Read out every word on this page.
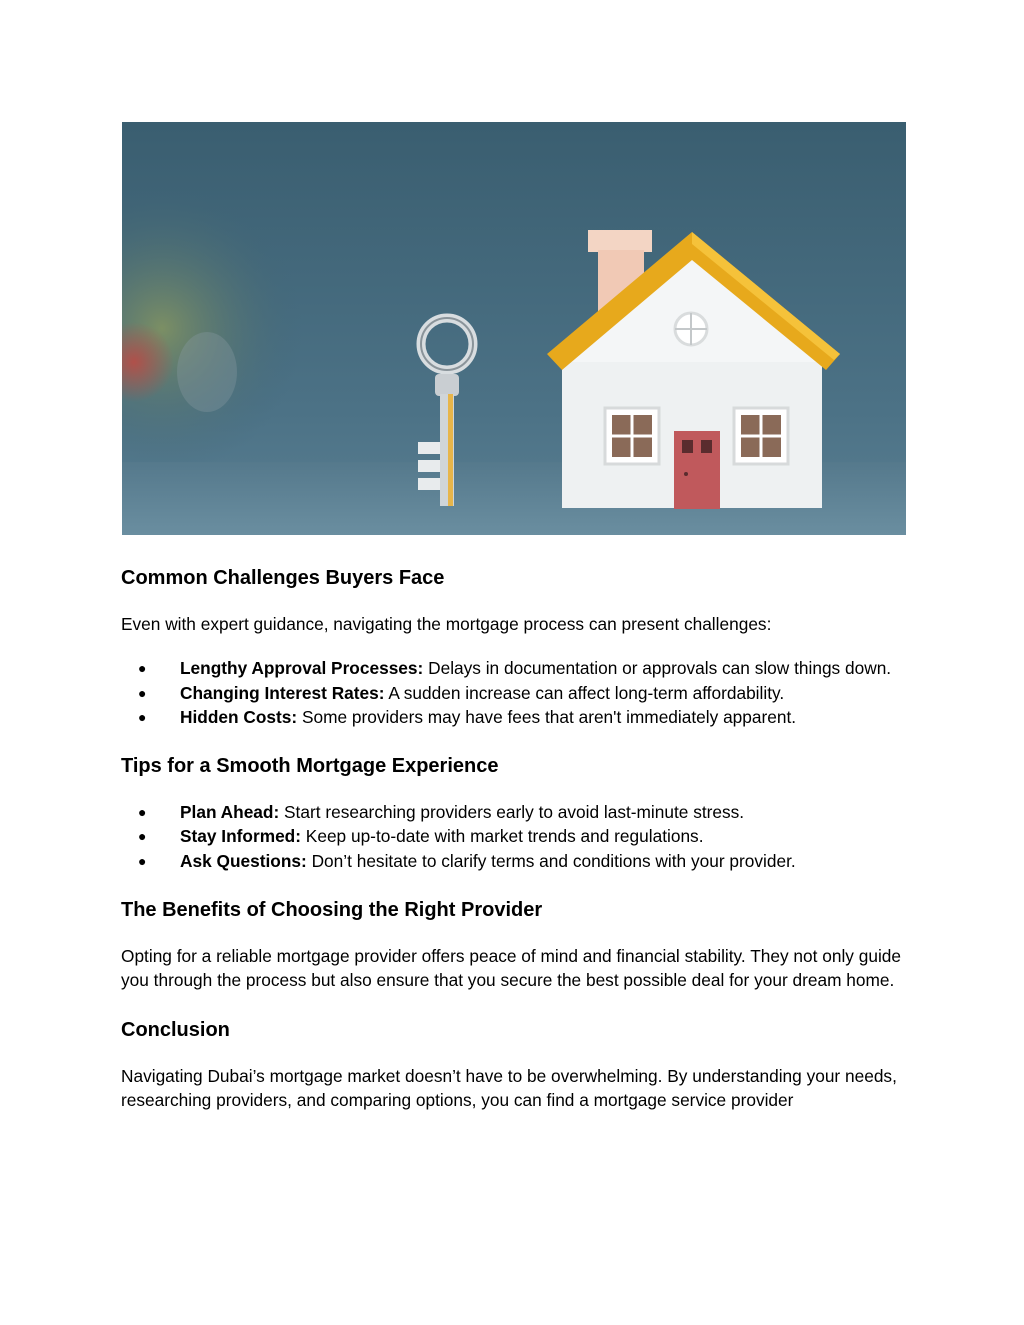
Common Challenges Buyers Face

Even with expert guidance, navigating the mortgage process can present challenges:

● Lengthy Approval Processes: Delays in documentation or approvals can slow things down.
● Changing Interest Rates: A sudden increase can affect long-term affordability.
● Hidden Costs: Some providers may have fees that aren't immediately apparent.
Tips for a Smooth Mortgage Experience
● Plan Ahead: Start researching providers early to avoid last-minute stress.
● Stay Informed: Keep up-to-date with market trends and regulations.
● Ask Questions: Don’t hesitate to clarify terms and conditions with your provider.
The Benefits of Choosing the Right Provider

Opting for a reliable mortgage provider offers peace of mind and financial stability. They not only guide you through the process but also ensure that you secure the best possible deal for your dream home.

Conclusion

Navigating Dubai’s mortgage market doesn’t have to be overwhelming. By understanding your needs, researching providers, and comparing options, you can find a mortgage service provider
